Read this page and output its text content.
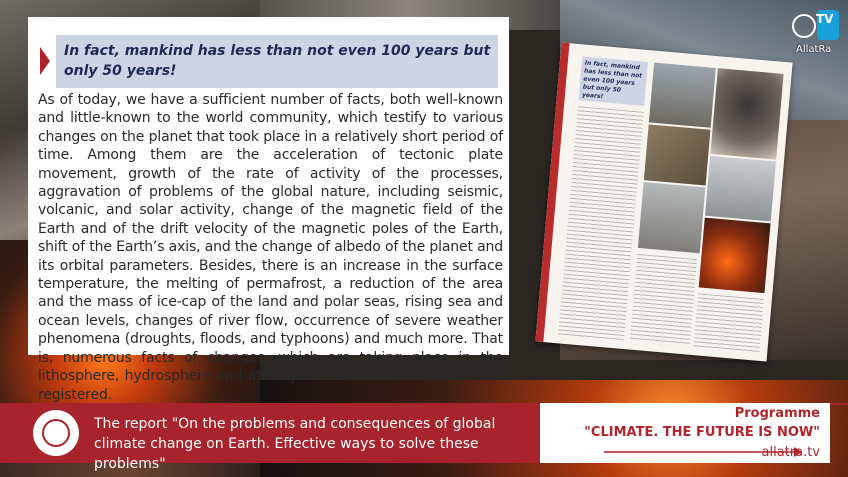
In fact, mankind has less than not even 100 years but only 50 years!
As of today, we have a sufficient number of facts, both well-known and little-known to the world community, which testify to various changes on the planet that took place in a relatively short period of time. Among them are the acceleration of tectonic plate movement, growth of the rate of activity of the processes, aggravation of problems of the global nature, including seismic, volcanic, and solar activity, change of the magnetic field of the Earth and of the drift velocity of the magnetic poles of the Earth, shift of the Earth’s axis, and the change of albedo of the planet and its orbital parameters. Besides, there is an increase in the surface temperature, the melting of permafrost, a reduction of the area and the mass of ice-cap of the land and polar seas, rising sea and ocean levels, changes of river flow, occurrence of severe weather phenomena (droughts, floods, and typhoons) and much more. That is, numerous facts of changes, which are taking place in the lithosphere, hydrosphere and atmosphere of the Earth, have been registered.
In fact, mankind has less than not even 100 years but only 50 years!
TV
AllatRa
The report "On the problems and consequences of global climate change on Earth. Effective ways to solve these problems"
Programme
"CLIMATE. THE FUTURE IS NOW"
allatra.tv
